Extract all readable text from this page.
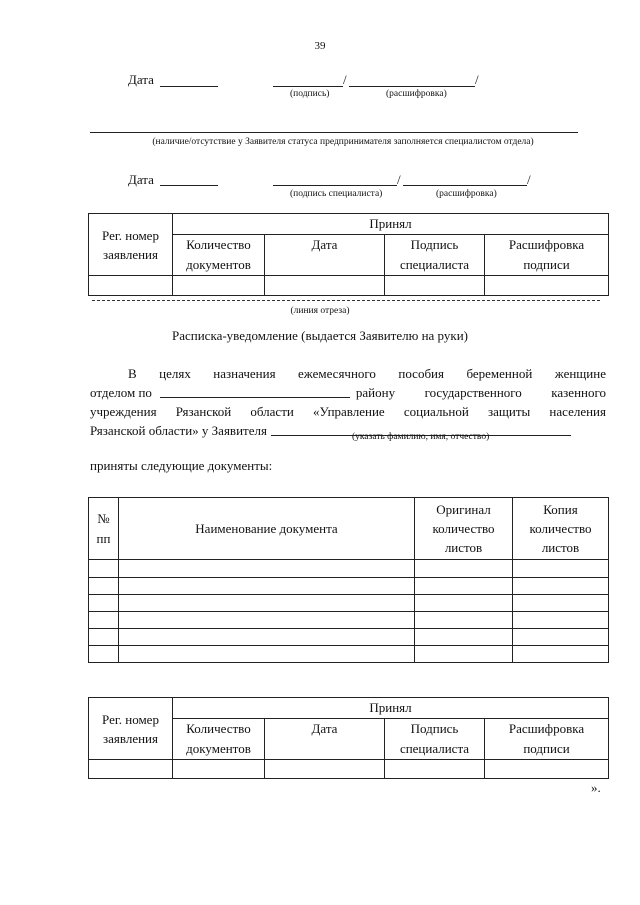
39
Дата	/	/
(подпись)	(расшифровка)
(наличие/отсутствие у Заявителя статуса предпринимателя заполняется специалистом отдела)
Дата	/	/
(подпись специалиста)	(расшифровка)
Рег. номер заявления	Принял			
	Количество документов	Дата	Подпись специалиста	Расшифровка подписи

(линия отреза)
Расписка-уведомление (выдается Заявителю на руки)
В целях назначения ежемесячного пособия беременной женщине
отделом по	району государственного казенного
учреждения Рязанской области «Управление социальной защиты населения
Рязанской области» у Заявителя	(указать фамилию, имя, отчество)
приняты следующие документы:
№ пп	Наименование документа	Оригинал количество листов	Копия количество листов

Рег. номер заявления	Принял			
	Количество документов	Дата	Подпись специалиста	Расшифровка подписи

».
